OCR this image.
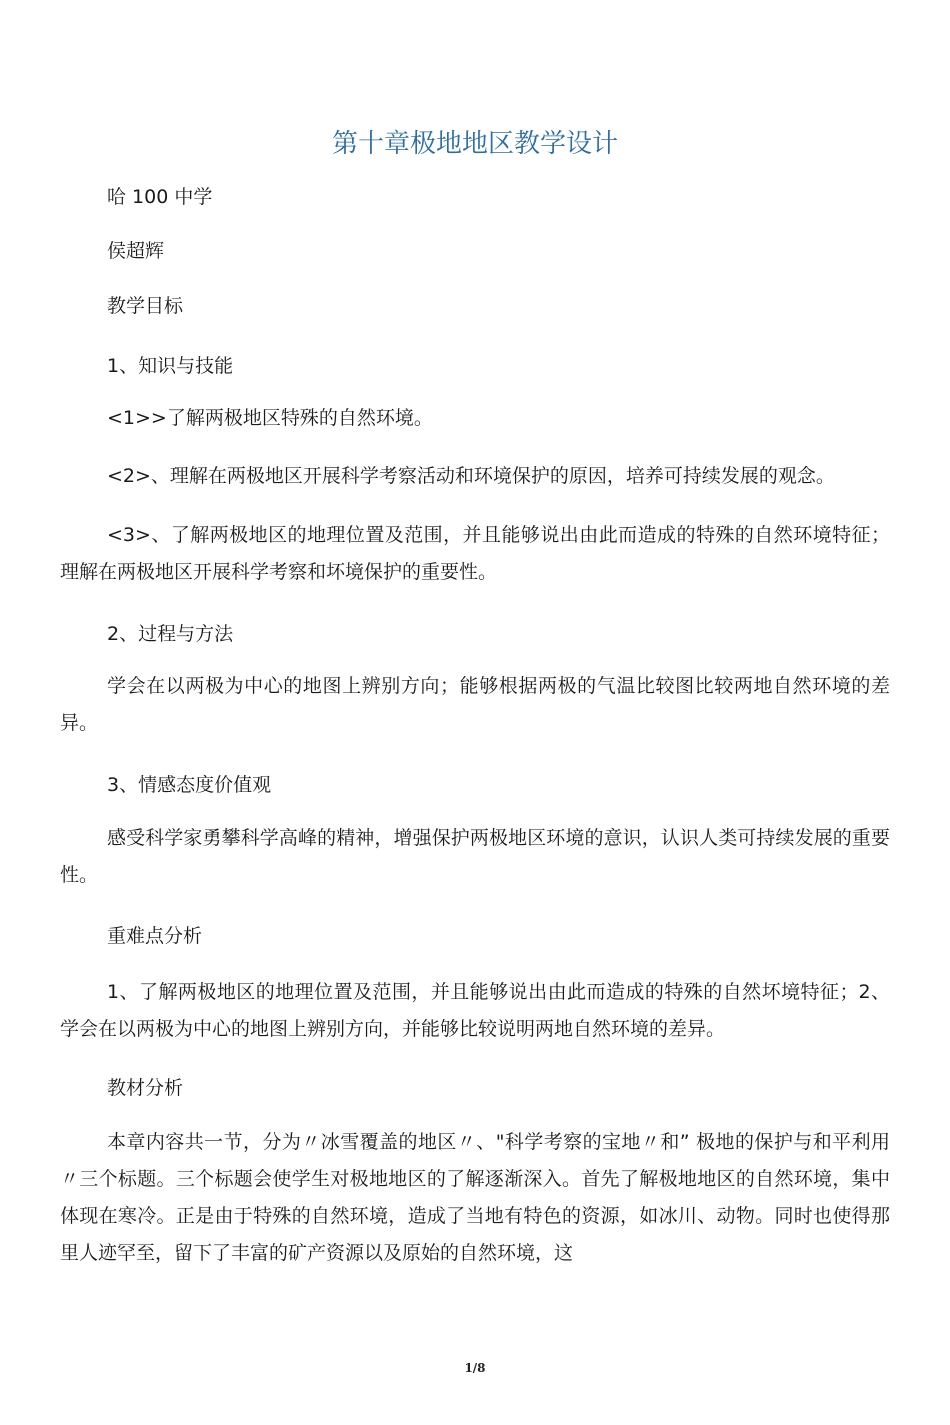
第十章极地地区教学设计

哈 100 中学

侯超辉

教学目标

1、知识与技能

<1>>了解两极地区特殊的自然环境。

<2>、理解在两极地区开展科学考察活动和环境保护的原因，培养可持续发展的观念。

<3>、了解两极地区的地理位置及范围，并且能够说出由此而造成的特殊的自然环境特征；理解在两极地区开展科学考察和坏境保护的重要性。

2、过程与方法

学会在以两极为中心的地图上辨别方向；能够根据两极的气温比较图比较两地自然环境的差异。

3、情感态度价值观

感受科学家勇攀科学高峰的精神，增强保护两极地区环境的意识，认识人类可持续发展的重要性。

重难点分析

1、了解两极地区的地理位置及范围，并且能够说出由此而造成的特殊的自然坏境特征；2、学会在以两极为中心的地图上辨别方向，并能够比较说明两地自然环境的差异。

教材分析

本章内容共一节，分为〃冰雪覆盖的地区〃、"科学考察的宝地〃和” 极地的保护与和平利用〃三个标题。三个标题会使学生对极地地区的了解逐渐深入。首先了解极地地区的自然环境，集中体现在寒冷。正是由于特殊的自然环境，造成了当地有特色的资源，如冰川、动物。同时也使得那里人迹罕至，留下了丰富的矿产资源以及原始的自然环境，这

1/8
